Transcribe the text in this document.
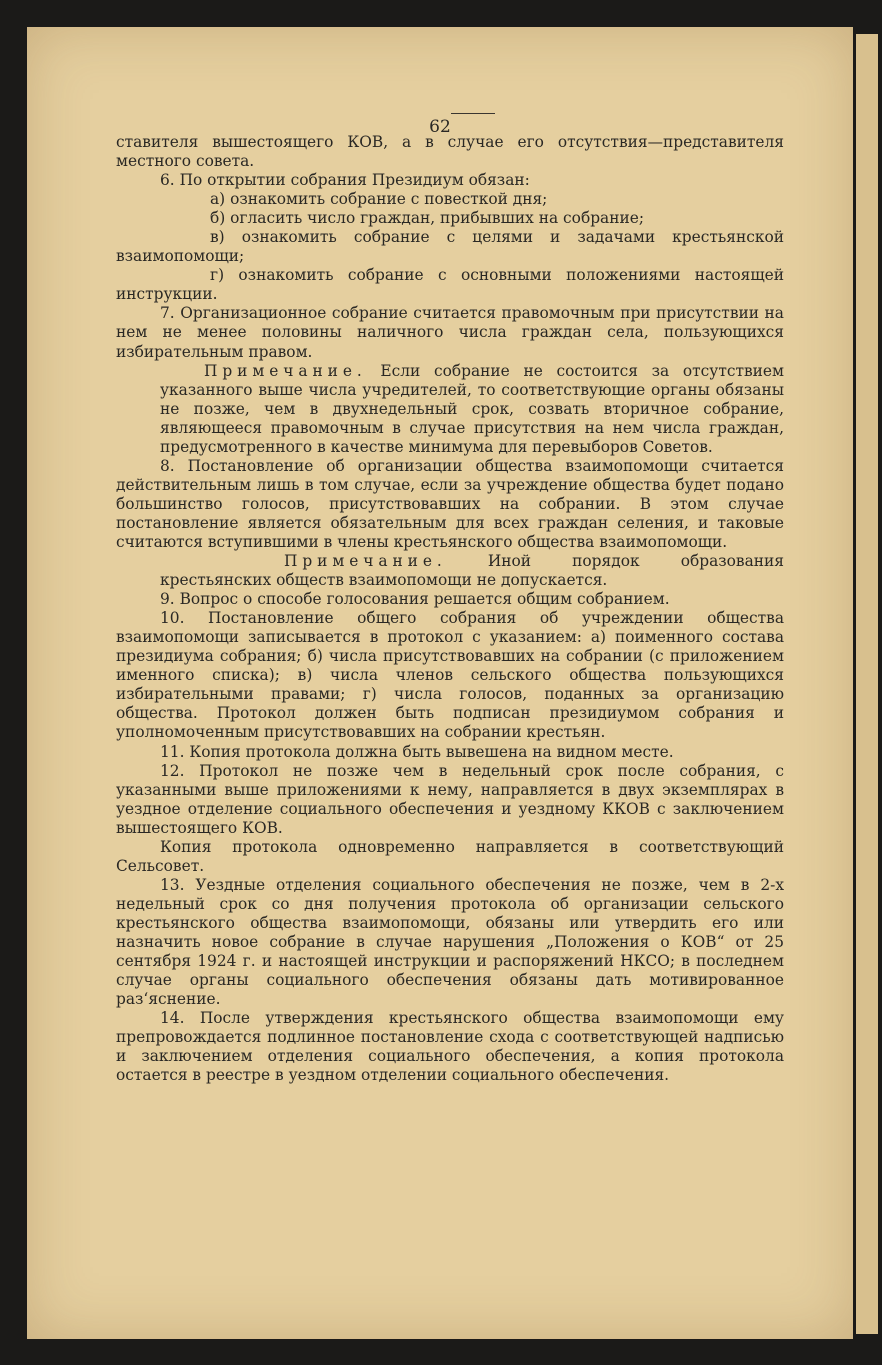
62

ставителя вышестоящего КОВ, а в случае его отсутствия—представителя местного совета.

6. По открытии собрания Президиум обязан:

а) ознакомить собрание с повесткой дня;

б) огласить число граждан, прибывших на собрание;

в) ознакомить собрание с целями и задачами крестьянской взаимопомощи;

г) ознакомить собрание с основными положениями настоящей инструкции.

7. Организационное собрание считается правомочным при присутствии на нем не менее половины наличного числа граждан села, пользующихся избирательным правом.

Примечание. Если собрание не состоится за отсутствием указанного выше числа учредителей, то соответствующие органы обязаны не позже, чем в двухнедельный срок, созвать вторичное собрание, являющееся правомочным в случае присутствия на нем числа граждан, предусмотренного в качестве минимума для перевыборов Советов.

8. Постановление об организации общества взаимопомощи считается действительным лишь в том случае, если за учреждение общества будет подано большинство голосов, присутствовавших на собрании. В этом случае постановление является обязательным для всех граждан селения, и таковые считаются вступившими в члены крестьянского общества взаимопомощи.

Примечание.	Иной порядок образования крестьянских обществ взаимопомощи не допускается.

9. Вопрос о способе голосования решается общим собранием.

10. Постановление общего собрания об учреждении общества взаимопомощи записывается в протокол с указанием: а) поименного состава президиума собрания; б) числа присутствовавших на собрании (с приложением именного списка); в) числа членов сельского общества пользующихся избирательными правами; г) числа голосов, поданных за организацию общества. Протокол должен быть подписан президиумом собрания и уполномоченным присутствовавших на собрании крестьян.

11. Копия протокола должна быть вывешена на видном месте.

12. Протокол не позже чем в недельный срок после собрания, с указанными выше приложениями к нему, направляется в двух экземплярах в уездное отделение социального обеспечения и уездному ККОВ с заключением вышестоящего КОВ.

Копия протокола одновременно направляется в соответствующий Сельсовет.

13. Уездные отделения социального обеспечения не позже, чем в 2-х недельный срок со дня получения протокола об организации сельского крестьянского общества взаимопомощи, обязаны или утвердить его или назначить новое собрание в случае нарушения „Положения о КОВ“ от 25 сентября 1924 г. и настоящей инструкции и распоряжений НКСО; в последнем случае органы социального обеспечения обязаны дать мотивированное раз‘яснение.

14. После утверждения крестьянского общества взаимопомощи ему препровождается подлинное постановление схода с соответствующей надписью и заключением отделения социального обеспечения, а копия протокола остается в реестре в уездном отделении социального обеспечения.
